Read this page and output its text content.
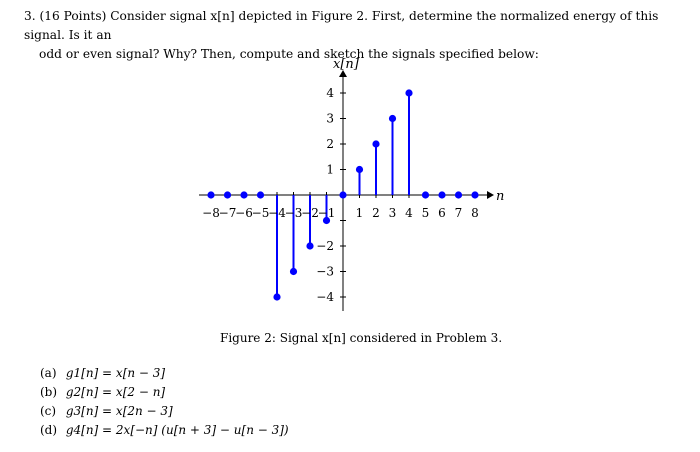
3. (16 Points) Consider signal x[n] depicted in Figure 2. First, determine the normalized energy of this signal. Is it an
odd or even signal? Why? Then, compute and sketch the signals specified below:
−8
−7
−6
−5
−4
−3
−2
−1 1 2 3 4 5 6 7 8
4
3
2
1
−2
−3
−4
x[n]
n
Figure 2: Signal x[n] considered in Problem 3.
(a) g1[n] = x[n − 3]
(b) g2[n] = x[2 − n]
(c) g3[n] = x[2n − 3]
(d) g4[n] = 2x[−n] (u[n + 3] − u[n − 3])
